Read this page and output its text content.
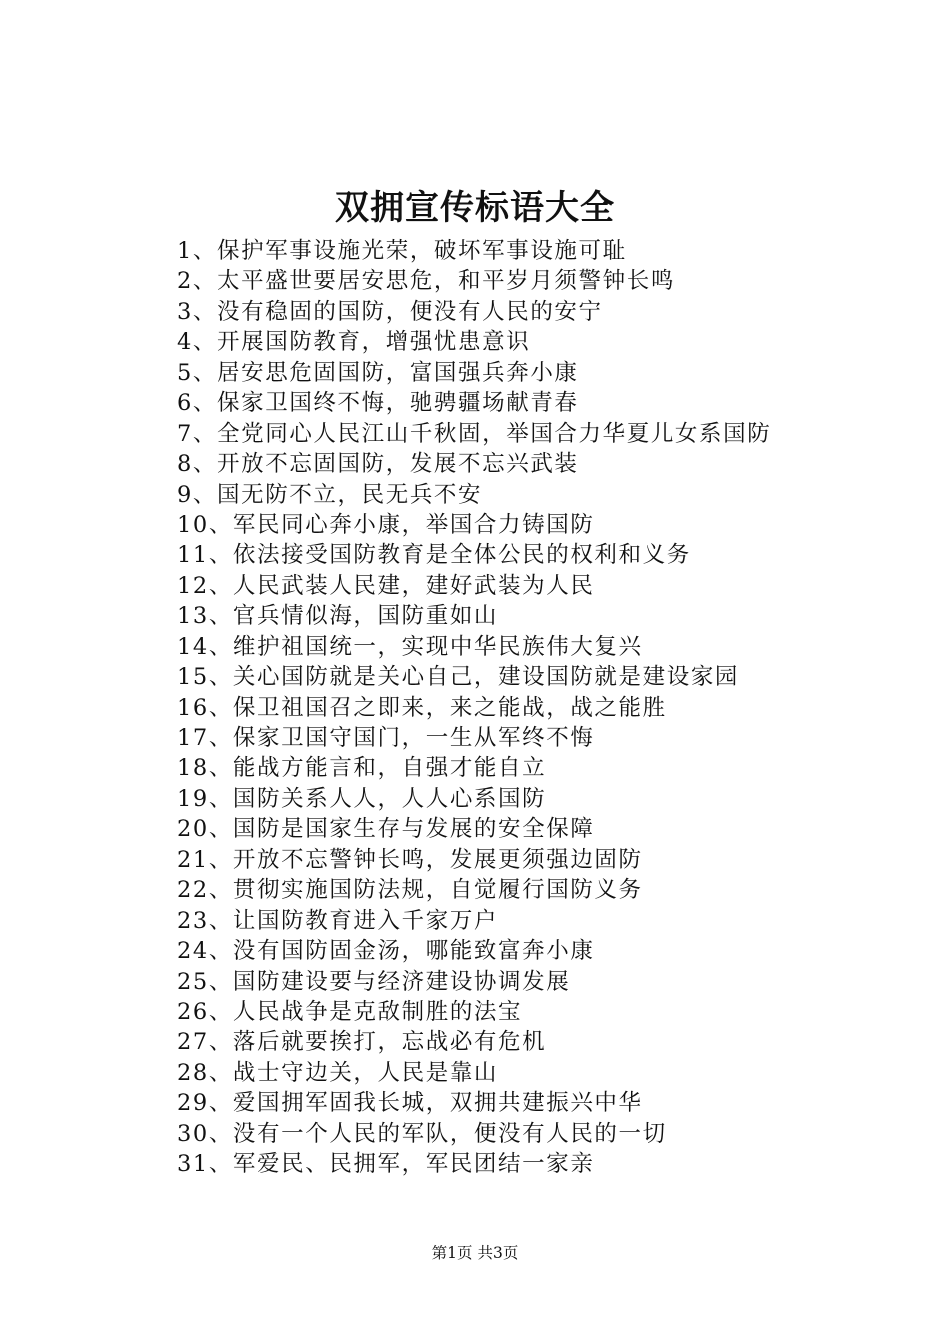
双拥宣传标语大全
1、保护军事设施光荣，破坏军事设施可耻
2、太平盛世要居安思危，和平岁月须警钟长鸣
3、没有稳固的国防，便没有人民的安宁
4、开展国防教育，增强忧患意识
5、居安思危固国防，富国强兵奔小康
6、保家卫国终不悔，驰骋疆场献青春
7、全党同心人民江山千秋固，举国合力华夏儿女系国防
8、开放不忘固国防，发展不忘兴武装
9、国无防不立，民无兵不安
10、军民同心奔小康，举国合力铸国防
11、依法接受国防教育是全体公民的权利和义务
12、人民武装人民建，建好武装为人民
13、官兵情似海，国防重如山
14、维护祖国统一，实现中华民族伟大复兴
15、关心国防就是关心自己，建设国防就是建设家园
16、保卫祖国召之即来，来之能战，战之能胜
17、保家卫国守国门，一生从军终不悔
18、能战方能言和，自强才能自立
19、国防关系人人，人人心系国防
20、国防是国家生存与发展的安全保障
21、开放不忘警钟长鸣，发展更须强边固防
22、贯彻实施国防法规，自觉履行国防义务
23、让国防教育进入千家万户
24、没有国防固金汤，哪能致富奔小康
25、国防建设要与经济建设协调发展
26、人民战争是克敌制胜的法宝
27、落后就要挨打，忘战必有危机
28、战士守边关，人民是靠山
29、爱国拥军固我长城，双拥共建振兴中华
30、没有一个人民的军队，便没有人民的一切
31、军爱民、民拥军，军民团结一家亲
第1页 共3页
